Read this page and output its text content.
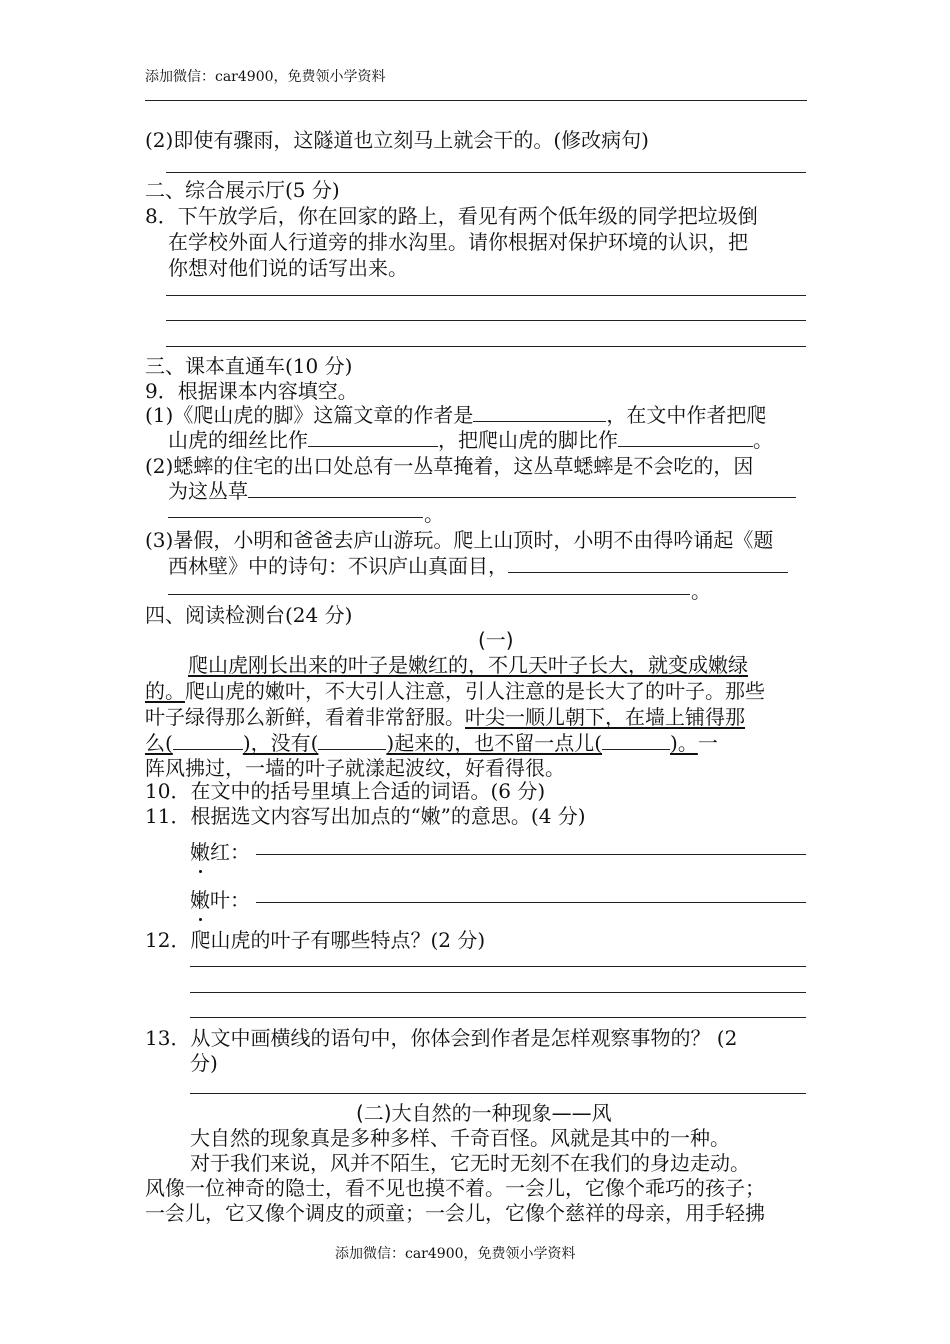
添加微信：car4900，免费领小学资料
(2)即使有骤雨，这隧道也立刻马上就会干的。(修改病句)
二、综合展示厅(5 分)
8．下午放学后，你在回家的路上，看见有两个低年级的同学把垃圾倒
在学校外面人行道旁的排水沟里。请你根据对保护环境的认识，把
你想对他们说的话写出来。
三、课本直通车(10 分)
9．根据课本内容填空。
(1)《爬山虎的脚》这篇文章的作者是	，在文中作者把爬
山虎的细丝比作	，把爬山虎的脚比作	。
(2)蟋蟀的住宅的出口处总有一丛草掩着，这丛草蟋蟀是不会吃的，因
为这丛草
。
(3)暑假，小明和爸爸去庐山游玩。爬上山顶时，小明不由得吟诵起《题
西林壁》中的诗句：不识庐山真面目，
。
四、阅读检测台(24 分)
(一)
爬山虎刚长出来的叶子是嫩红的，不几天叶子长大，就变成嫩绿
的。爬山虎的嫩叶，不大引人注意，引人注意的是长大了的叶子。那些
叶子绿得那么新鲜，看着非常舒服。叶尖一顺儿朝下，在墙上铺得那
么(	)，没有(	)起来的，也不留一点儿(	)。一
阵风拂过，一墙的叶子就漾起波纹，好看得很。
10．在文中的括号里填上合适的词语。(6 分)
11．根据选文内容写出加点的“嫩”的意思。(4 分)
嫩红：
嫩叶：
12．爬山虎的叶子有哪些特点？(2 分)
13．从文中画横线的语句中，你体会到作者是怎样观察事物的？ (2
分)
(二)大自然的一种现象——风
大自然的现象真是多种多样、千奇百怪。风就是其中的一种。
对于我们来说，风并不陌生，它无时无刻不在我们的身边走动。
风像一位神奇的隐士，看不见也摸不着。一会儿，它像个乖巧的孩子；
一会儿，它又像个调皮的顽童；一会儿，它像个慈祥的母亲，用手轻拂
添加微信：car4900，免费领小学资料
